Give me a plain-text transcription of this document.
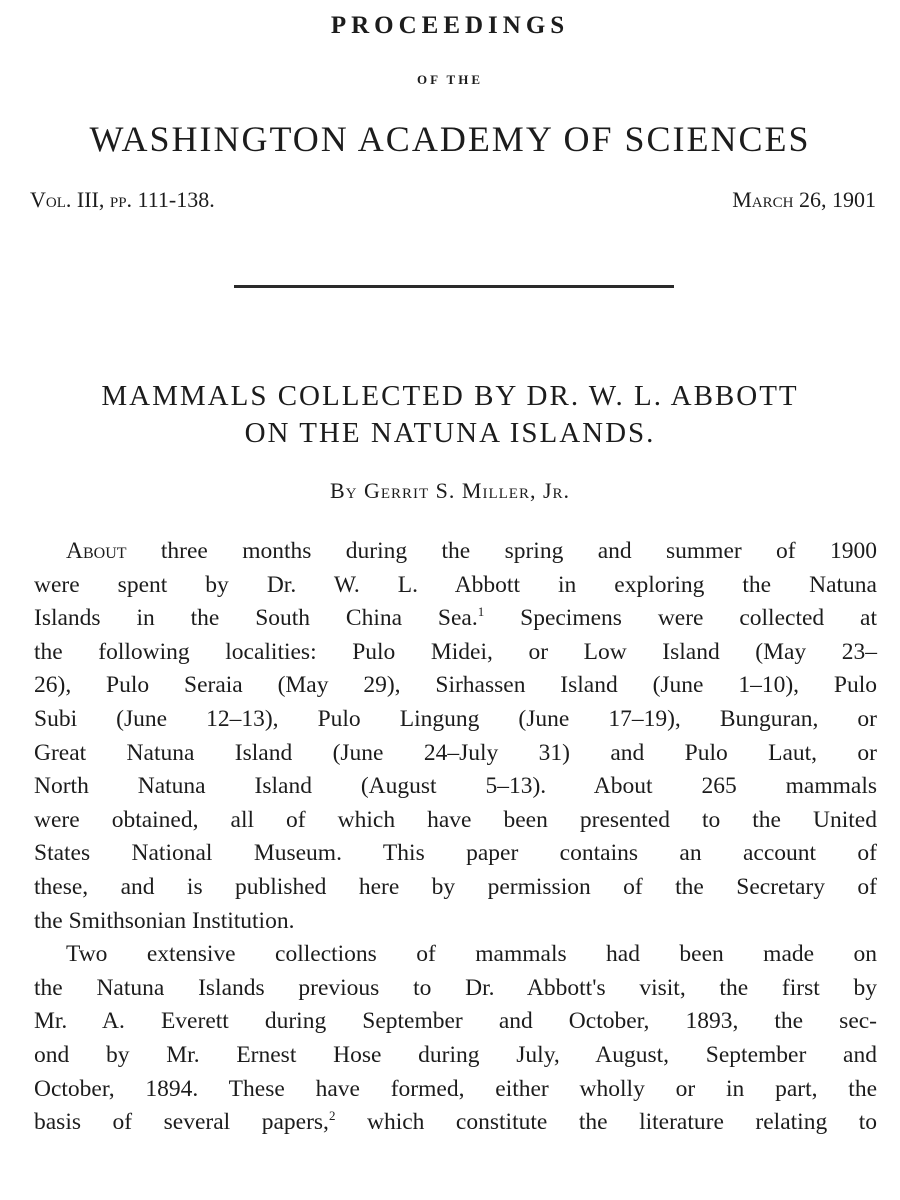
PROCEEDINGS
OF THE
WASHINGTON ACADEMY OF SCIENCES
Vol. III, pp. 111-138.	March 26, 1901
MAMMALS COLLECTED BY DR. W. L. ABBOTT
ON THE NATUNA ISLANDS.
By Gerrit S. Miller, Jr.
About three months during the spring and summer of 1900
were spent by Dr. W. L. Abbott in exploring the Natuna
Islands in the South China Sea.$^1$ Specimens were collected at
the following localities: Pulo Midei, or Low Island (May 23–
26), Pulo Seraia (May 29), Sirhassen Island (June 1–10), Pulo
Subi (June 12–13), Pulo Lingung (June 17–19), Bunguran, or
Great Natuna Island (June 24–July 31) and Pulo Laut, or
North Natuna Island (August 5–13). About 265 mammals
were obtained, all of which have been presented to the United
States National Museum. This paper contains an account of
these, and is published here by permission of the Secretary of
the Smithsonian Institution.
Two extensive collections of mammals had been made on
the Natuna Islands previous to Dr. Abbott's visit, the first by
Mr. A. Everett during September and October, 1893, the sec-
ond by Mr. Ernest Hose during July, August, September and
October, 1894. These have formed, either wholly or in part, the
basis of several papers,$^2$ which constitute the literature relating to
